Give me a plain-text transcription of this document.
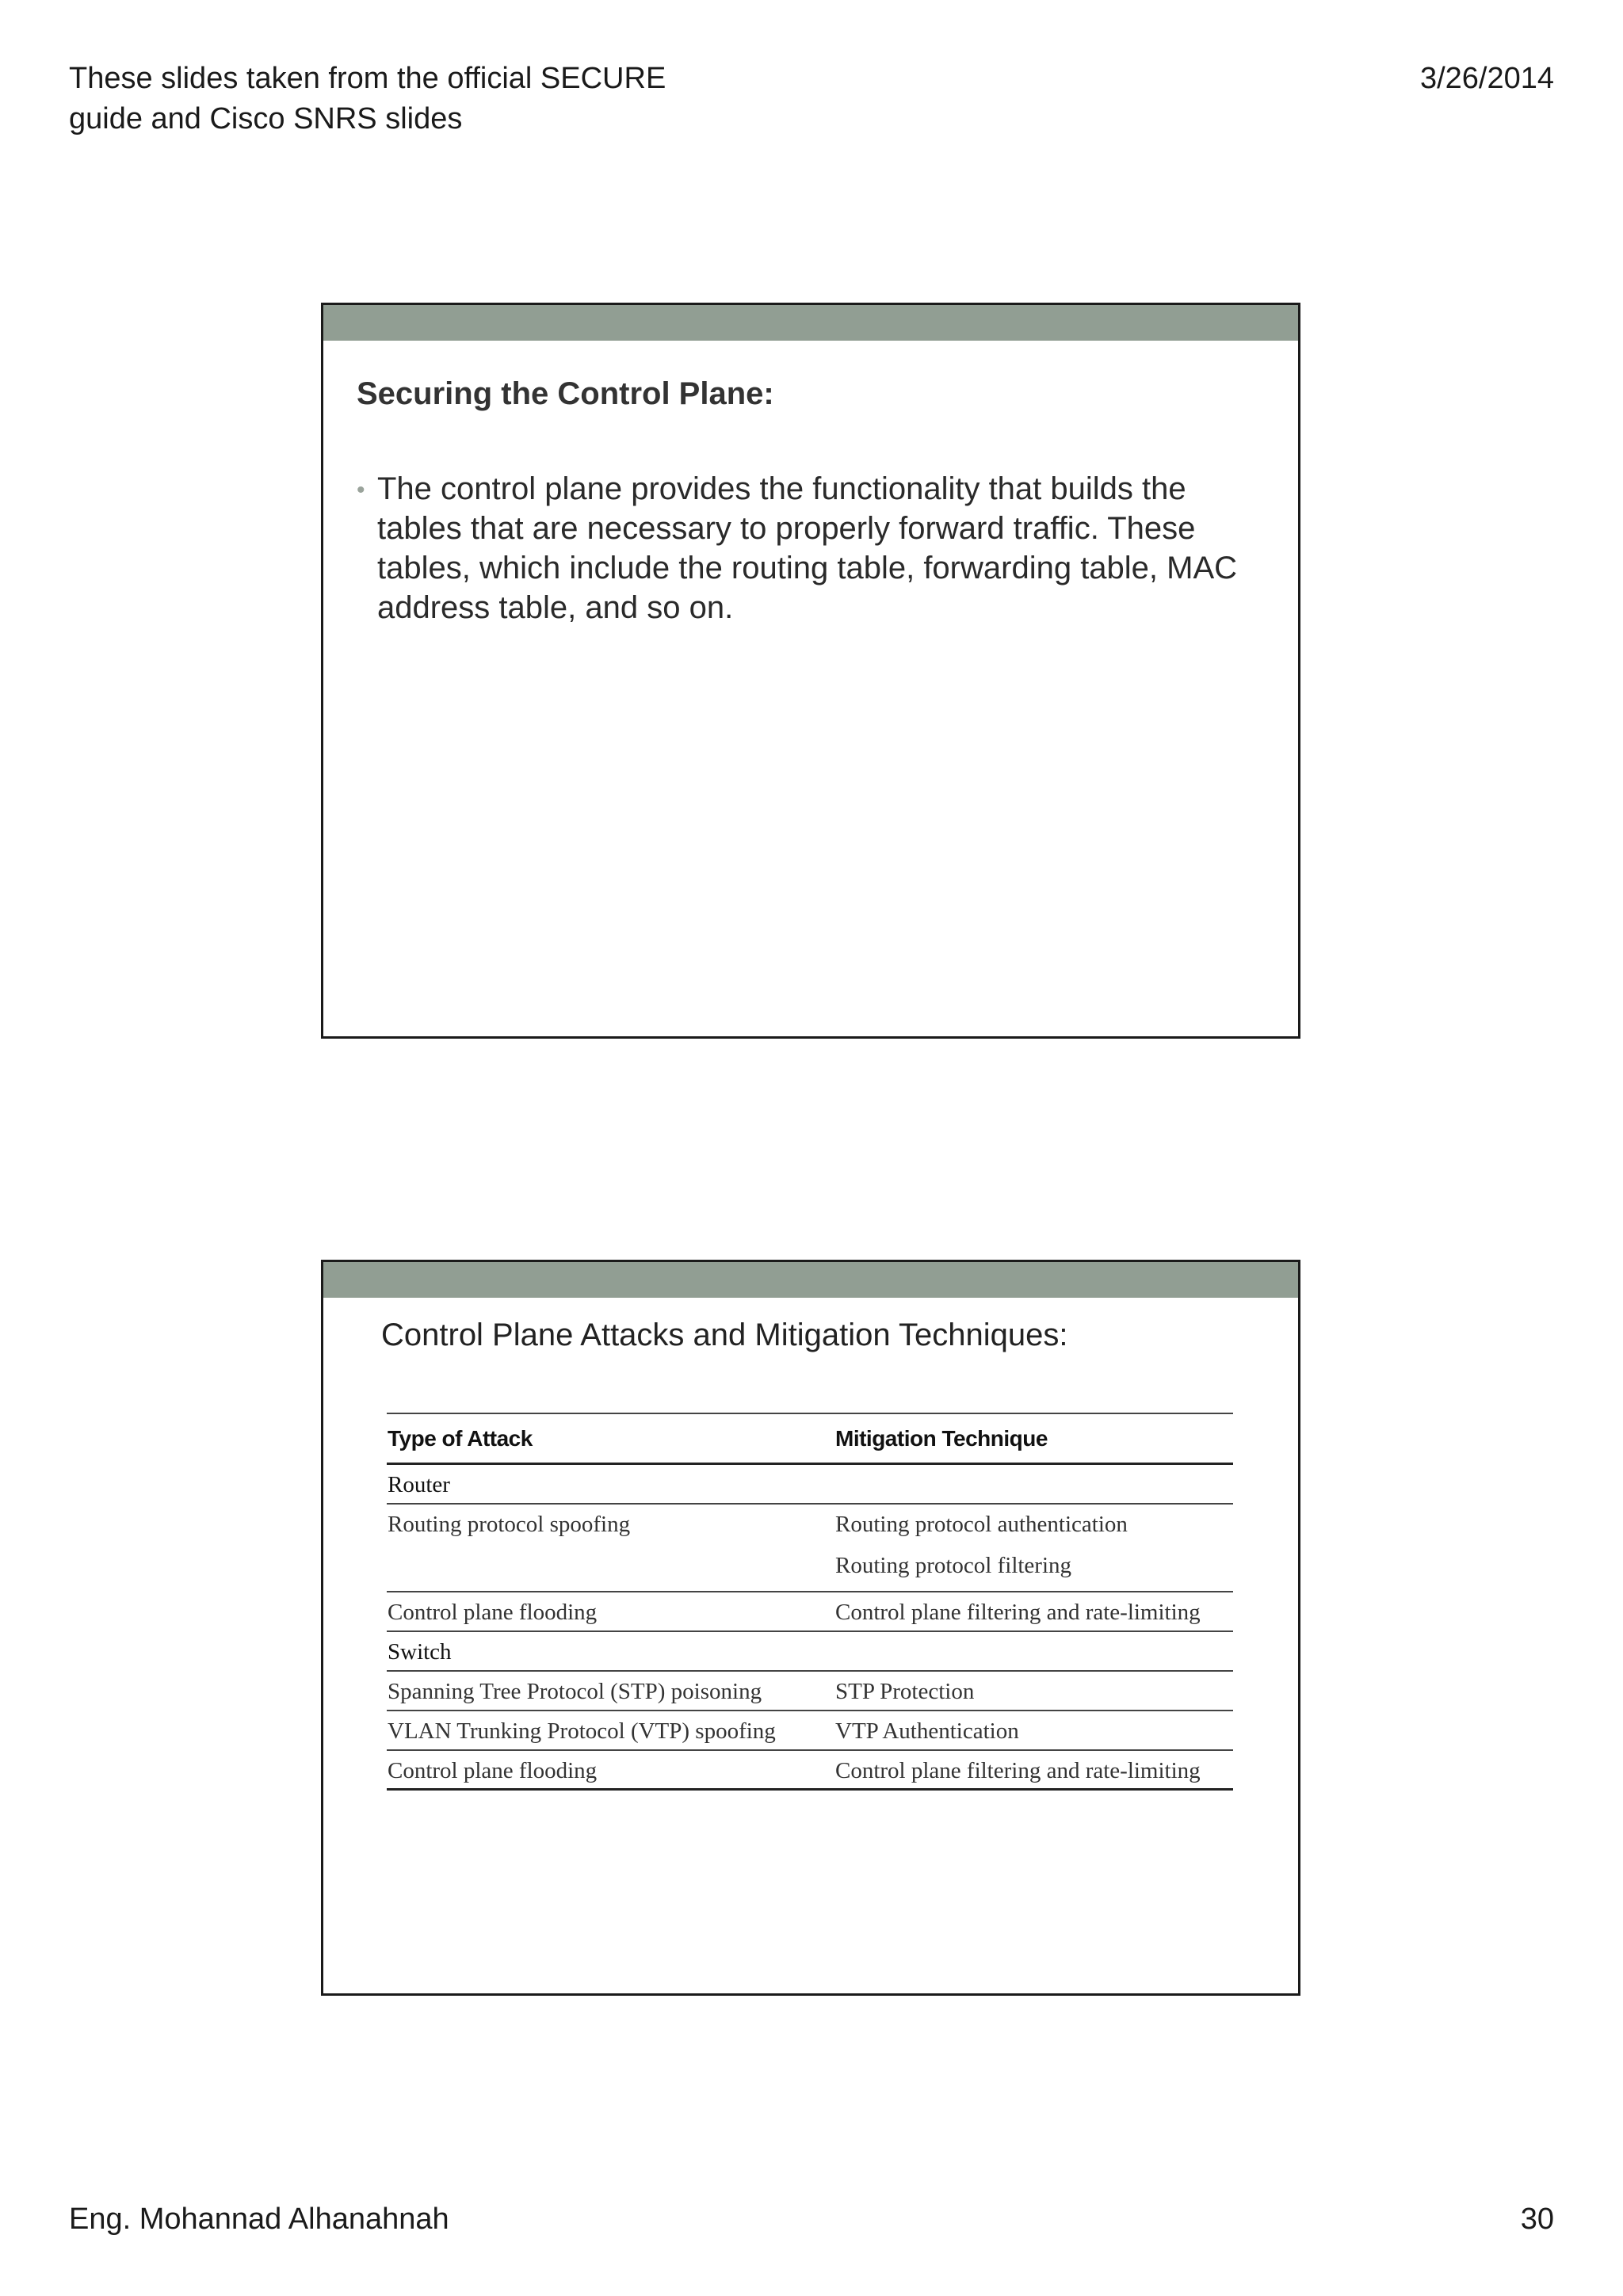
These slides taken from the official SECURE
guide and Cisco SNRS slides
3/26/2014
Securing the Control Plane:
• The control plane provides the functionality that builds the tables that are necessary to properly forward traffic. These tables, which include the routing table, forwarding table, MAC address table, and so on.
Control Plane Attacks and Mitigation Techniques:
Type of Attack	Mitigation Technique
Router	
Routing protocol spoofing	Routing protocol authentication
Routing protocol filtering

Control plane flooding	Control plane filtering and rate-limiting
Switch	
Spanning Tree Protocol (STP) poisoning	STP Protection
VLAN Trunking Protocol (VTP) spoofing	VTP Authentication
Control plane flooding	Control plane filtering and rate-limiting
Eng. Mohannad Alhanahnah	30
